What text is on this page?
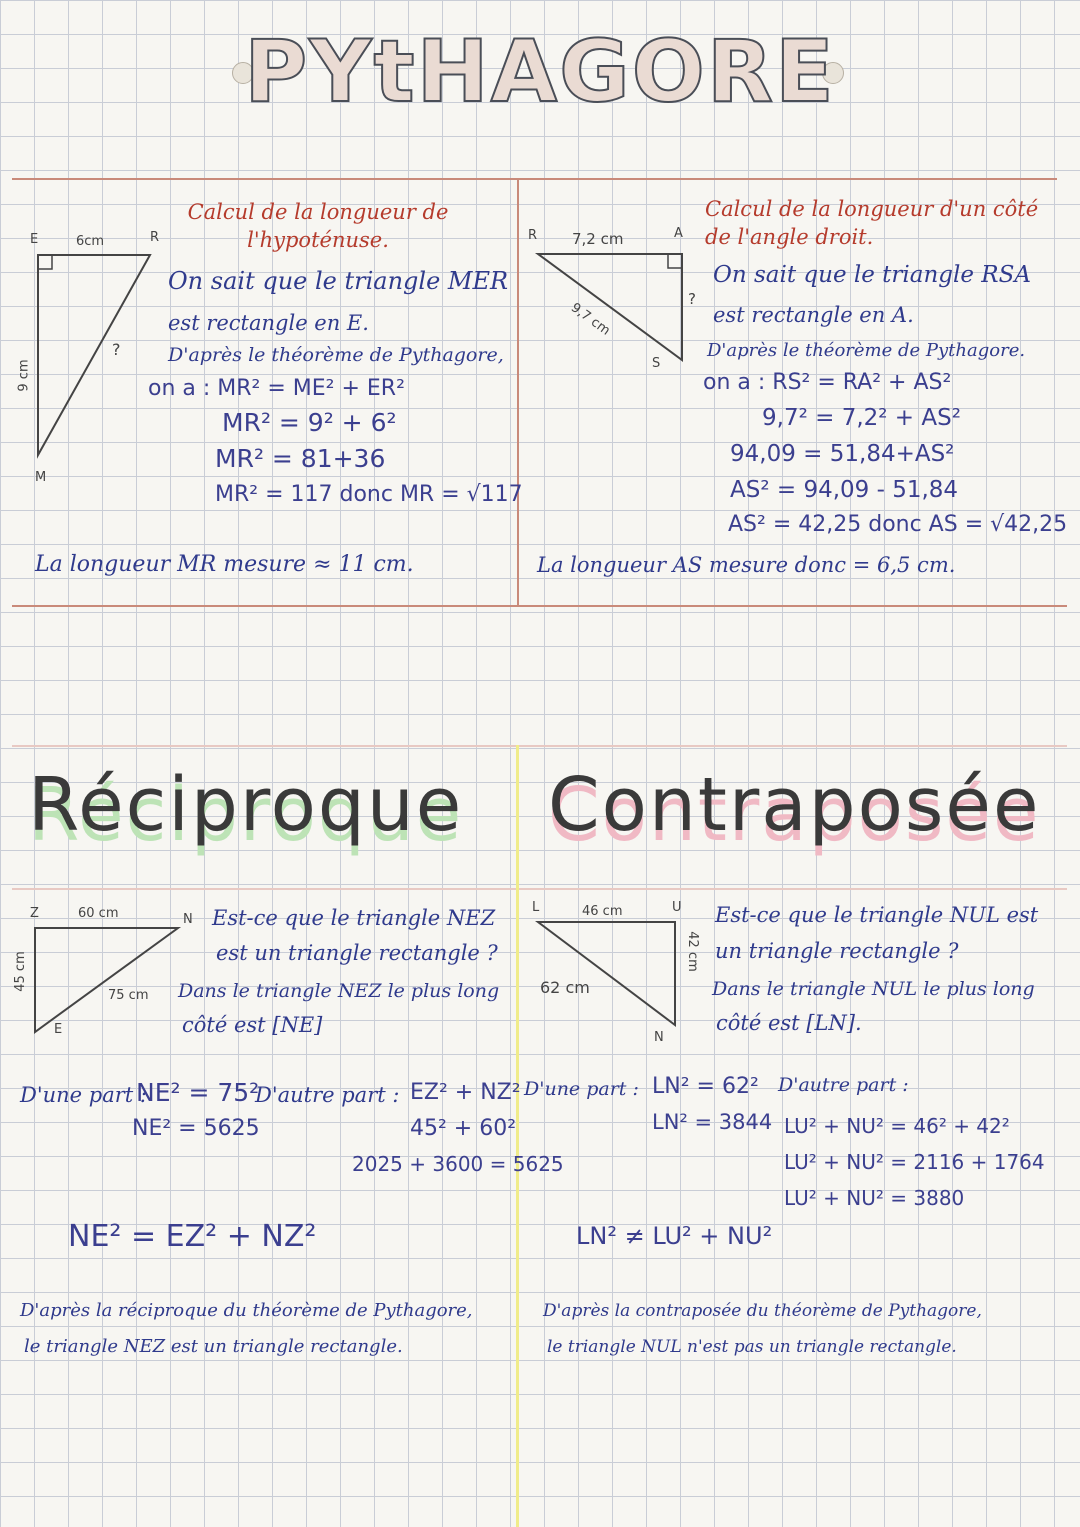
PYtHAGORE
Calcul de la longueur de l'hypoténuse.
E	R
M
6cm
9 cm
?
On sait que le triangle MER
est rectangle en E.
D'après le théorème de Pythagore,
on a : MR² = ME² + ER²
MR² = 9² + 6²
MR² = 81+36
MR² = 117 donc MR = √117
La longueur MR mesure ≈ 11 cm.
Calcul de la longueur d'un côté de l'angle droit.
R	A
S
7,2 cm
9,7 cm
?
On sait que le triangle RSA
est rectangle en A.
D'après le théorème de Pythagore.
on a : RS² = RA² + AS²
9,7² = 7,2² + AS²
94,09 = 51,84+AS²
AS² = 94,09 - 51,84
AS² = 42,25 donc AS = √42,25
La longueur AS mesure donc = 6,5 cm.
Réciproque Contraposée
Z	N
E
60 cm
45 cm
75 cm
Est-ce que le triangle NEZ
est un triangle rectangle ?
Dans le triangle NEZ le plus long
côté est [NE]
D'une part :
NE² = 75²
NE² = 5625
D'autre part : EZ² + NZ²
45² + 60²
2025 + 3600 = 5625
NE² = EZ² + NZ²
D'après la réciproque du théorème de Pythagore,
le triangle NEZ est un triangle rectangle.
L	U
N
46 cm
42 cm
62 cm
Est-ce que le triangle NUL est
un triangle rectangle ?
Dans le triangle NUL le plus long
côté est [LN].
D'une part : LN² = 62²
LN² = 3844
D'autre part :
LU² + NU² = 46² + 42²
LU² + NU² = 2116 + 1764
LU² + NU² = 3880
LN² ≠ LU² + NU²
D'après la contraposée du théorème de Pythagore,
le triangle NUL n'est pas un triangle rectangle.
